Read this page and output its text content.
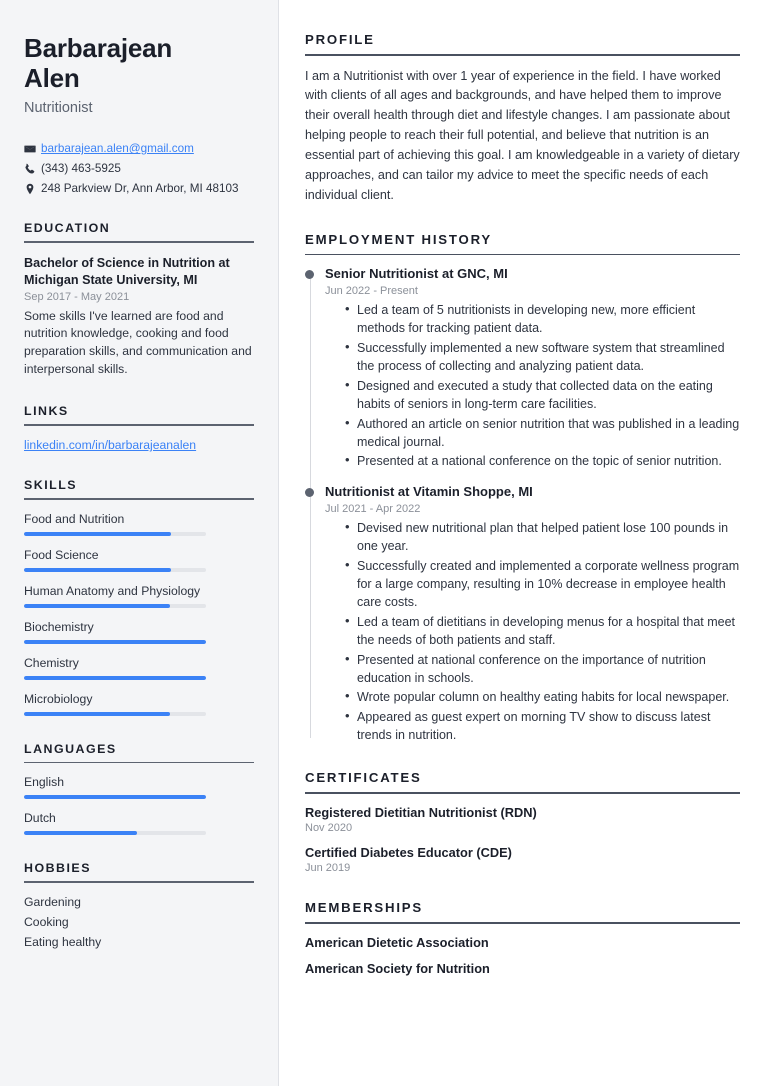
Barbarajean
Alen
Nutritionist
barbarajean.alen@gmail.com
(343) 463-5925
248 Parkview Dr, Ann Arbor, MI 48103
EDUCATION
Bachelor of Science in Nutrition at Michigan State University, MI
Sep 2017 - May 2021
Some skills I've learned are food and nutrition knowledge, cooking and food preparation skills, and communication and interpersonal skills.
LINKS
linkedin.com/in/barbarajeanalen
SKILLS
Food and Nutrition
Food Science
Human Anatomy and Physiology
Biochemistry
Chemistry
Microbiology
LANGUAGES
English
Dutch
HOBBIES
Gardening
Cooking
Eating healthy
PROFILE

I am a Nutritionist with over 1 year of experience in the field. I have worked with clients of all ages and backgrounds, and have helped them to improve their overall health through diet and lifestyle changes. I am passionate about helping people to reach their full potential, and believe that nutrition is an essential part of achieving this goal. I am knowledgeable in a variety of dietary approaches, and can tailor my advice to meet the specific needs of each individual client.

EMPLOYMENT HISTORY
Senior Nutritionist at GNC, MI
Jun 2022 - Present
• Led a team of 5 nutritionists in developing new, more efficient methods for tracking patient data.
• Successfully implemented a new software system that streamlined the process of collecting and analyzing patient data.
• Designed and executed a study that collected data on the eating habits of seniors in long-term care facilities.
• Authored an article on senior nutrition that was published in a leading medical journal.
• Presented at a national conference on the topic of senior nutrition.
Nutritionist at Vitamin Shoppe, MI
Jul 2021 - Apr 2022
• Devised new nutritional plan that helped patient lose 100 pounds in one year.
• Successfully created and implemented a corporate wellness program for a large company, resulting in 10% decrease in employee health care costs.
• Led a team of dietitians in developing menus for a hospital that meet the needs of both patients and staff.
• Presented at national conference on the importance of nutrition education in schools.
• Wrote popular column on healthy eating habits for local newspaper.
• Appeared as guest expert on morning TV show to discuss latest trends in nutrition.
CERTIFICATES
Registered Dietitian Nutritionist (RDN)
Nov 2020
Certified Diabetes Educator (CDE)
Jun 2019
MEMBERSHIPS
American Dietetic Association
American Society for Nutrition
